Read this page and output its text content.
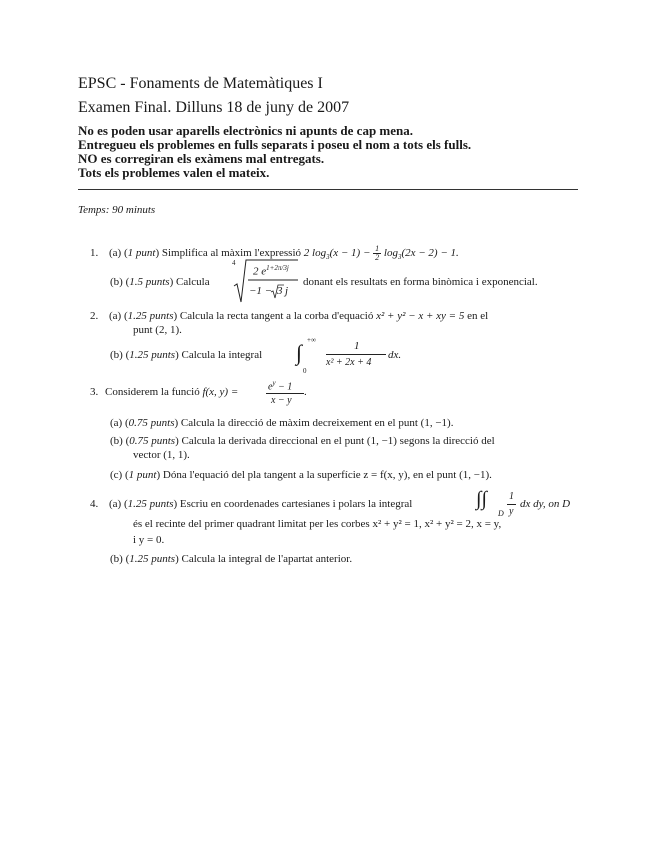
EPSC - Fonaments de Matemàtiques I
Examen Final. Dilluns 18 de juny de 2007
No es poden usar aparells electrònics ni apunts de cap mena.
Entregueu els problemes en fulls separats i poseu el nom a tots els fulls.
NO es corregiran els exàmens mal entregats.
Tots els problemes valen el mateix.
Temps: 90 minuts
1. (a) (1 punt) Simplifica al màxim l'expressió 2 $\log_3(x - 1) - \frac{1}{2} \log_3(2x - 2) - 1$.
(b) (1.5 punts) Calcula
4
2 $e^{1+2\pi/3j}$
−1 − 3 j
donant els resultats en forma binòmica i exponencial.
2. (a) (1.25 punts) Calcula la recta tangent a la corba d'equació x² + y² − x + xy = 5 en el
punt (2, 1).
(b) (1.25 punts) Calcula la integral ∫ +∞
0
1
x² + 2x + 4
dx.
3. Considerem la funció f(x, y) =	$e^y - 1$
x − y
.
(a) (0.75 punts) Calcula la direcció de màxim decreixement en el punt (1, −1).
(b) (0.75 punts) Calcula la derivada direccional en el punt (1, −1) segons la direcció del
vector (1, 1).
(c) (1 punt) Dóna l'equació del pla tangent a la superfície z = f(x, y), en el punt (1, −1).
4. (a) (1.25 punts) Escriu en coordenades cartesianes i polars la integral	∫∫
D
1
y
dx dy, on D
és el recinte del primer quadrant limitat per les corbes x² + y² = 1, x² + y² = 2, x = y,
i y = 0.
(b) (1.25 punts) Calcula la integral de l'apartat anterior.
